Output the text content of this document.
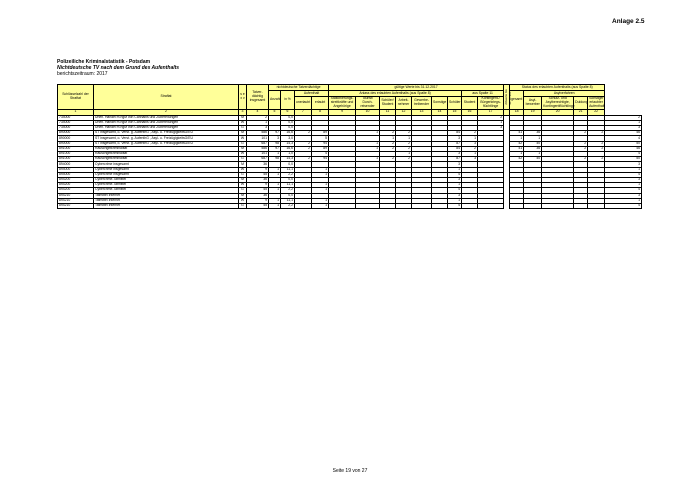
Anlage 2.5
Polizeiliche Kriminalstatistik - Potsdam
Nichtdeutsche TV nach dem Grund des Aufenthalts
berichtszeitraum: 2017
Schlüsselzahl der Straftat	Straftat	s e x v	Tatver-dächtig insgesamt	nichtdeutsche Tatverdächtige				gültige Werte bis 31.12.2017									Altwerte bis 31.12.2017	Status des erlaubten Aufenthalts (aus Spalte 8)					
				Anzahl	in %	Aufenthalt		Anlass des erlaubten Aufenthalts (aus Spalte 8)							aus Spalte 11			gesamt	Asylverfahren				
						unerlaubt	erlaubt	Stationierungs-streitkräfte und Angehörige	Tourist/ Durch-reisender	Schüler/ Student	Arbeit-nehmer	Gewerbe-treibender	Sonstige	Schüler	Student	Kontingent-/ Bürgerkriegs-flüchtlinge			Asyl-bewerber	Schutz- und Asylberechtigte, Kontingentflüchtlinge	Duldung	Sonstiger erlaubter Aufenthalt	

1	2	3	4	5	6	7	8	9	10	11	12	13	14	15	16	17		18	19	20	21	22	
734000	Unerl. Handel m.ngM von Cannabis und Zubereitungen	M	2		0,0											2							2
734000	Unerl. Handel m.ngM von Cannabis und Zubereitungen	W	1		0,0											1							1
734000	Unerl. Handel m.ngM von Cannabis und Zubereitungen	G	3		0,0											3							3
890000	ST insgesamt, o. Verst. g. AufenthG , Asyl- u. FreizügigkeitsG/EU	M	586	97	16,6	2	89		1	2	2			84	2			41	36		2	2	46
890000	ST insgesamt, o. Verst. g. AufenthG , Asyl- u. FreizügigkeitsG/EU	W	101	3	3,0		5			1	1			3	1			1	1				4
890000	ST insgesamt, o. Verst. g. AufenthG , Asyl- u. FreizügigkeitsG/EU	G	687	98	14,3	2	94		1	2	2			87	3			42	40		2	2	50
891000	Rauschgiftkriminalität	M	586	97	16,6	2	89		1	2	2			84	2			41	36		2	2	46
891000	Rauschgiftkriminalität	W	101	1	1,0		4				1			3	1			1	1				4
891000	Rauschgiftkriminalität	G	687	98	14,3	2	94		1	2	2			87	3			42	40		2	2	50
894000	Cybercrime insgesamt	M	36		0,0									3									3
894000	Cybercrime insgesamt	W	9	1	11,1		1							1									1
894000	Cybercrime insgesamt	G	45	1	2,2		1							4									4
894200	Cybercrime-Tatmittel	M	36		0,0									3									3
894200	Cybercrime-Tatmittel	W	9	1	11,1		1							1									1
894200	Cybercrime-Tatmittel	G	45	1	2,2		1							4									4
894210	Tatmittel Internet	M	36		0,0									3									3
894210	Tatmittel Internet	W	9	1	11,1		1							1									1
894210	Tatmittel Internet	G	45	1	2,2		1							4									4
Seite 19 von 27
